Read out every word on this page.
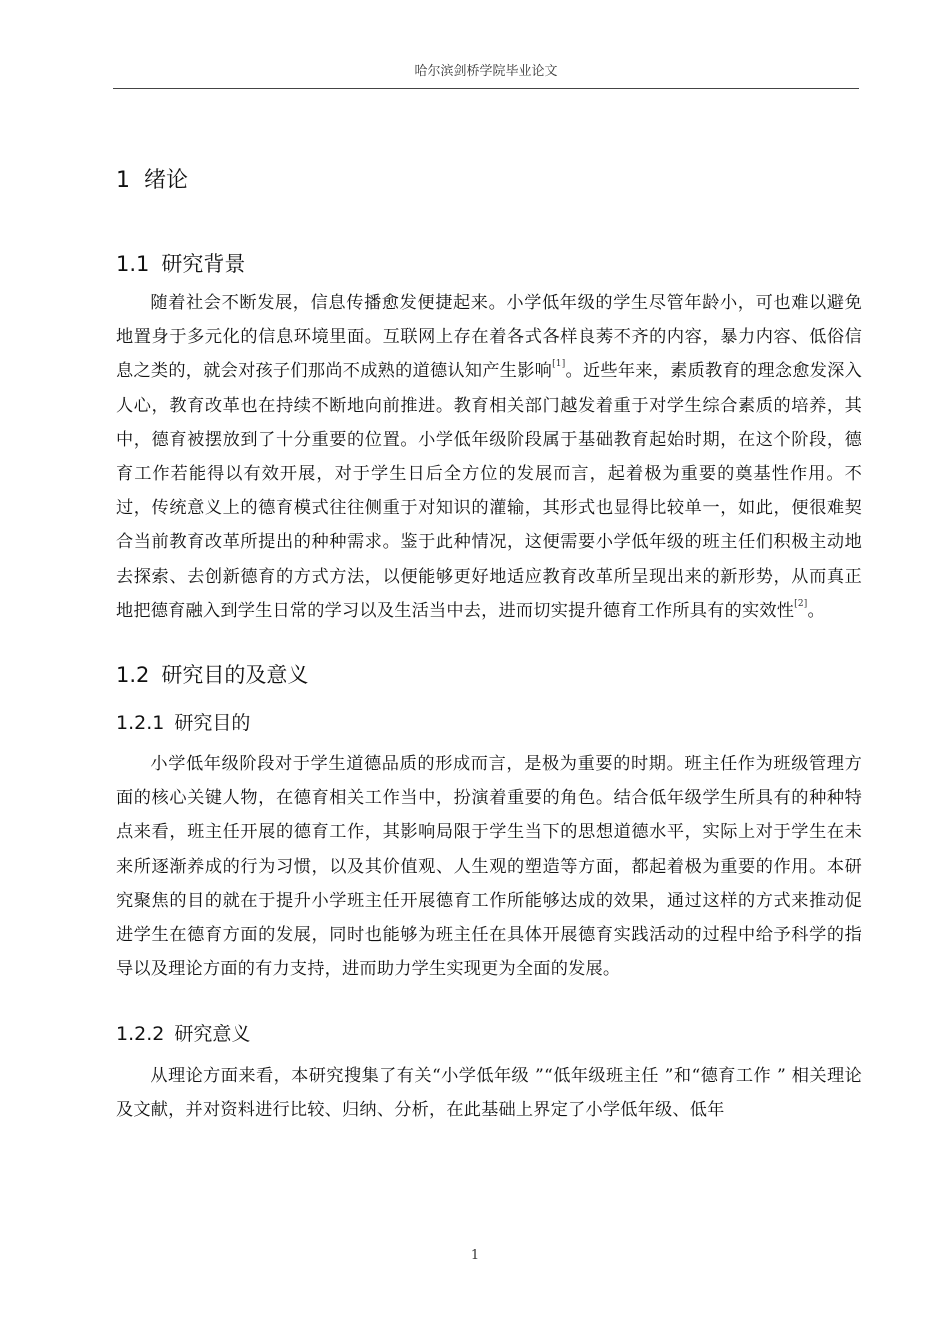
哈尔滨剑桥学院毕业论文
1 绪论
1.1 研究背景

随着社会不断发展，信息传播愈发便捷起来。小学低年级的学生尽管年龄小，可也难以避免地置身于多元化的信息环境里面。互联网上存在着各式各样良莠不齐的内容，暴力内容、低俗信息之类的，就会对孩子们那尚不成熟的道德认知产生影响[1]。近些年来，素质教育的理念愈发深入人心，教育改革也在持续不断地向前推进。教育相关部门越发着重于对学生综合素质的培养，其中，德育被摆放到了十分重要的位置。小学低年级阶段属于基础教育起始时期，在这个阶段，德育工作若能得以有效开展，对于学生日后全方位的发展而言，起着极为重要的奠基性作用。不过，传统意义上的德育模式往往侧重于对知识的灌输，其形式也显得比较单一，如此，便很难契合当前教育改革所提出的种种需求。鉴于此种情况，这便需要小学低年级的班主任们积极主动地去探索、去创新德育的方式方法，以便能够更好地适应教育改革所呈现出来的新形势，从而真正地把德育融入到学生日常的学习以及生活当中去，进而切实提升德育工作所具有的实效性[2]。

1.2 研究目的及意义
1.2.1 研究目的

小学低年级阶段对于学生道德品质的形成而言，是极为重要的时期。班主任作为班级管理方面的核心关键人物，在德育相关工作当中，扮演着重要的角色。结合低年级学生所具有的种种特点来看，班主任开展的德育工作，其影响局限于学生当下的思想道德水平，实际上对于学生在未来所逐渐养成的行为习惯，以及其价值观、人生观的塑造等方面，都起着极为重要的作用。本研究聚焦的目的就在于提升小学班主任开展德育工作所能够达成的效果，通过这样的方式来推动促进学生在德育方面的发展，同时也能够为班主任在具体开展德育实践活动的过程中给予科学的指导以及理论方面的有力支持，进而助力学生实现更为全面的发展。

1.2.2 研究意义

从理论方面来看，本研究搜集了有关“小学低年级 ”“低年级班主任 ”和“德育工作 ” 相关理论及文献，并对资料进行比较、归纳、分析，在此基础上界定了小学低年级、低年

1
